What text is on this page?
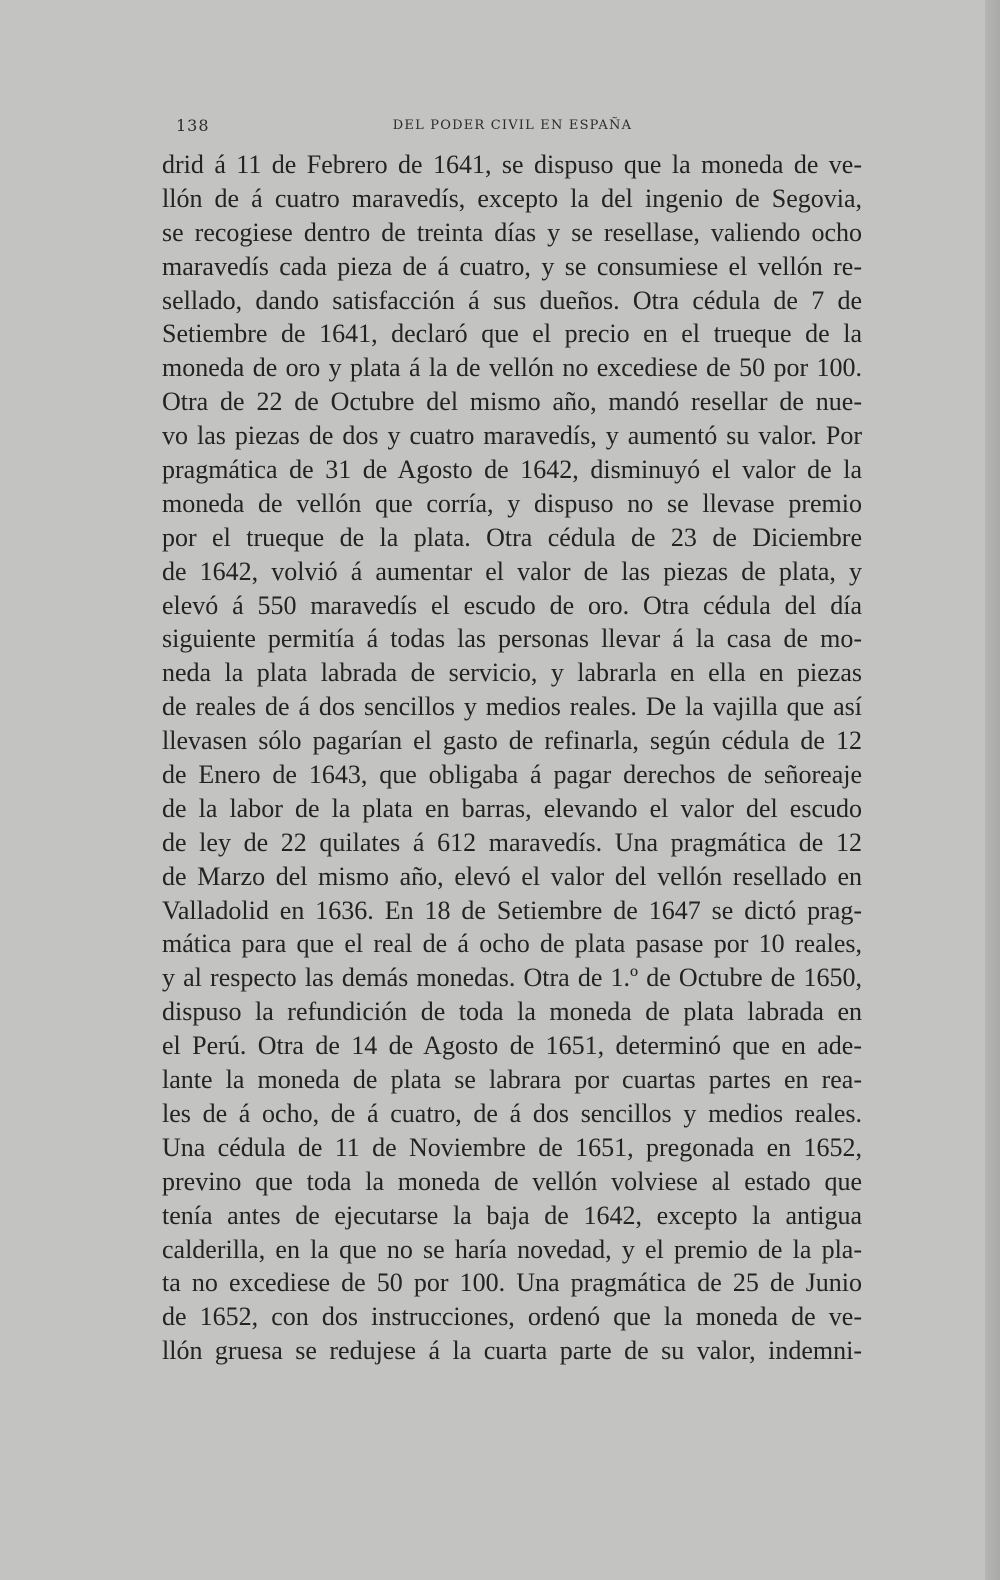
138	DEL PODER CIVIL EN ESPAÑA
drid á 11 de Febrero de 1641, se dispuso que la moneda de ve-
llón de á cuatro maravedís, excepto la del ingenio de Segovia,
se recogiese dentro de treinta días y se resellase, valiendo ocho
maravedís cada pieza de á cuatro, y se consumiese el vellón re-
sellado, dando satisfacción á sus dueños. Otra cédula de 7 de
Setiembre de 1641, declaró que el precio en el trueque de la
moneda de oro y plata á la de vellón no excediese de 50 por 100.
Otra de 22 de Octubre del mismo año, mandó resellar de nue-
vo las piezas de dos y cuatro maravedís, y aumentó su valor. Por
pragmática de 31 de Agosto de 1642, disminuyó el valor de la
moneda de vellón que corría, y dispuso no se llevase premio
por el trueque de la plata. Otra cédula de 23 de Diciembre
de 1642, volvió á aumentar el valor de las piezas de plata, y
elevó á 550 maravedís el escudo de oro. Otra cédula del día
siguiente permitía á todas las personas llevar á la casa de mo-
neda la plata labrada de servicio, y labrarla en ella en piezas
de reales de á dos sencillos y medios reales. De la vajilla que así
llevasen sólo pagarían el gasto de refinarla, según cédula de 12
de Enero de 1643, que obligaba á pagar derechos de señoreaje
de la labor de la plata en barras, elevando el valor del escudo
de ley de 22 quilates á 612 maravedís. Una pragmática de 12
de Marzo del mismo año, elevó el valor del vellón resellado en
Valladolid en 1636. En 18 de Setiembre de 1647 se dictó prag-
mática para que el real de á ocho de plata pasase por 10 reales,
y al respecto las demás monedas. Otra de 1.º de Octubre de 1650,
dispuso la refundición de toda la moneda de plata labrada en
el Perú. Otra de 14 de Agosto de 1651, determinó que en ade-
lante la moneda de plata se labrara por cuartas partes en rea-
les de á ocho, de á cuatro, de á dos sencillos y medios reales.
Una cédula de 11 de Noviembre de 1651, pregonada en 1652,
previno que toda la moneda de vellón volviese al estado que
tenía antes de ejecutarse la baja de 1642, excepto la antigua
calderilla, en la que no se haría novedad, y el premio de la pla-
ta no excediese de 50 por 100. Una pragmática de 25 de Junio
de 1652, con dos instrucciones, ordenó que la moneda de ve-
llón gruesa se redujese á la cuarta parte de su valor, indemni-
